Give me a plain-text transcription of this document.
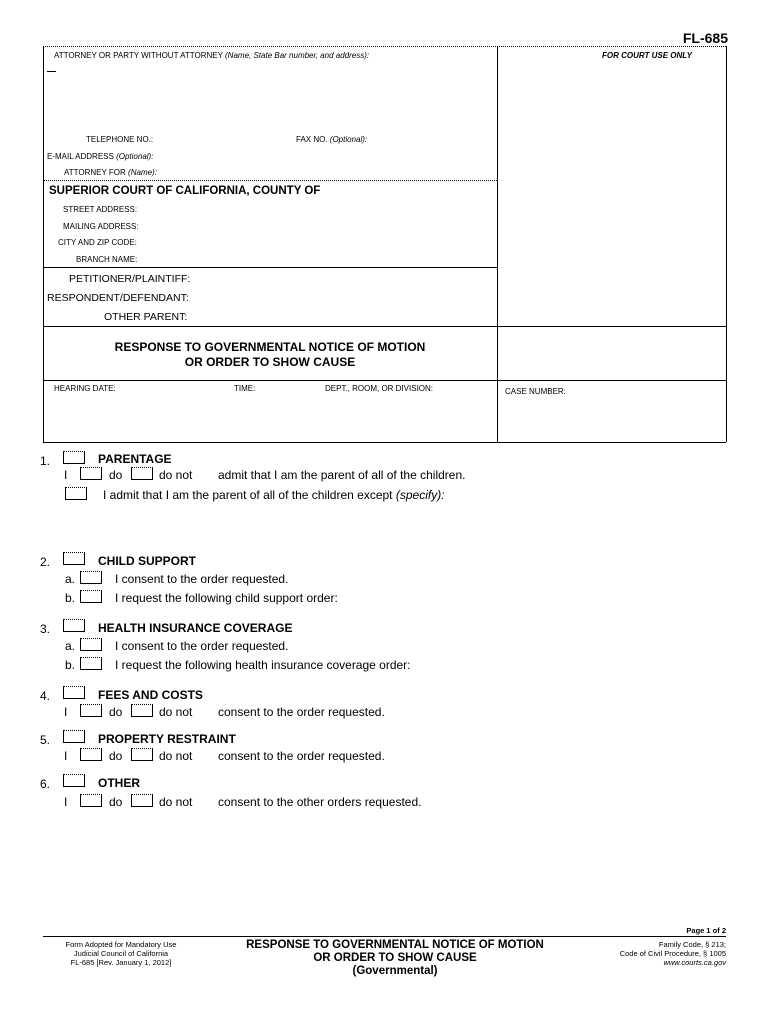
FL-685
ATTORNEY OR PARTY WITHOUT ATTORNEY (Name, State Bar number, and address):	FOR COURT USE ONLY
TELEPHONE NO.:	FAX NO. (Optional):
E-MAIL ADDRESS (Optional):
ATTORNEY FOR (Name):
SUPERIOR COURT OF CALIFORNIA, COUNTY OF
STREET ADDRESS:
MAILING ADDRESS:
CITY AND ZIP CODE:
BRANCH NAME:
PETITIONER/PLAINTIFF:
RESPONDENT/DEFENDANT:
OTHER PARENT:
RESPONSE TO GOVERNMENTAL NOTICE OF MOTION
OR ORDER TO SHOW CAUSE
HEARING DATE:	TIME:	DEPT., ROOM, OR DIVISION:	CASE NUMBER:
1.	PARENTAGE
I	do	do not admit that I am the parent of all of the children.
I admit that I am the parent of all of the children except (specify):
2.	CHILD SUPPORT
a.	I consent to the order requested.
b.	I request the following child support order:
3.	HEALTH INSURANCE COVERAGE
a.	I consent to the order requested.
b.	I request the following health insurance coverage order:
4.	FEES AND COSTS
I	do	do not consent to the order requested.
5.	PROPERTY RESTRAINT
I	do	do not consent to the order requested.
6.	OTHER
I	do	do not consent to the other orders requested.
Page 1 of 2
Form Adopted for Mandatory Use
Judicial Council of California
FL-685 [Rev. January 1, 2012]
RESPONSE TO GOVERNMENTAL NOTICE OF MOTION
OR ORDER TO SHOW CAUSE
(Governmental)
Family Code, § 213;
Code of Civil Procedure, § 1005
www.courts.ca.gov
